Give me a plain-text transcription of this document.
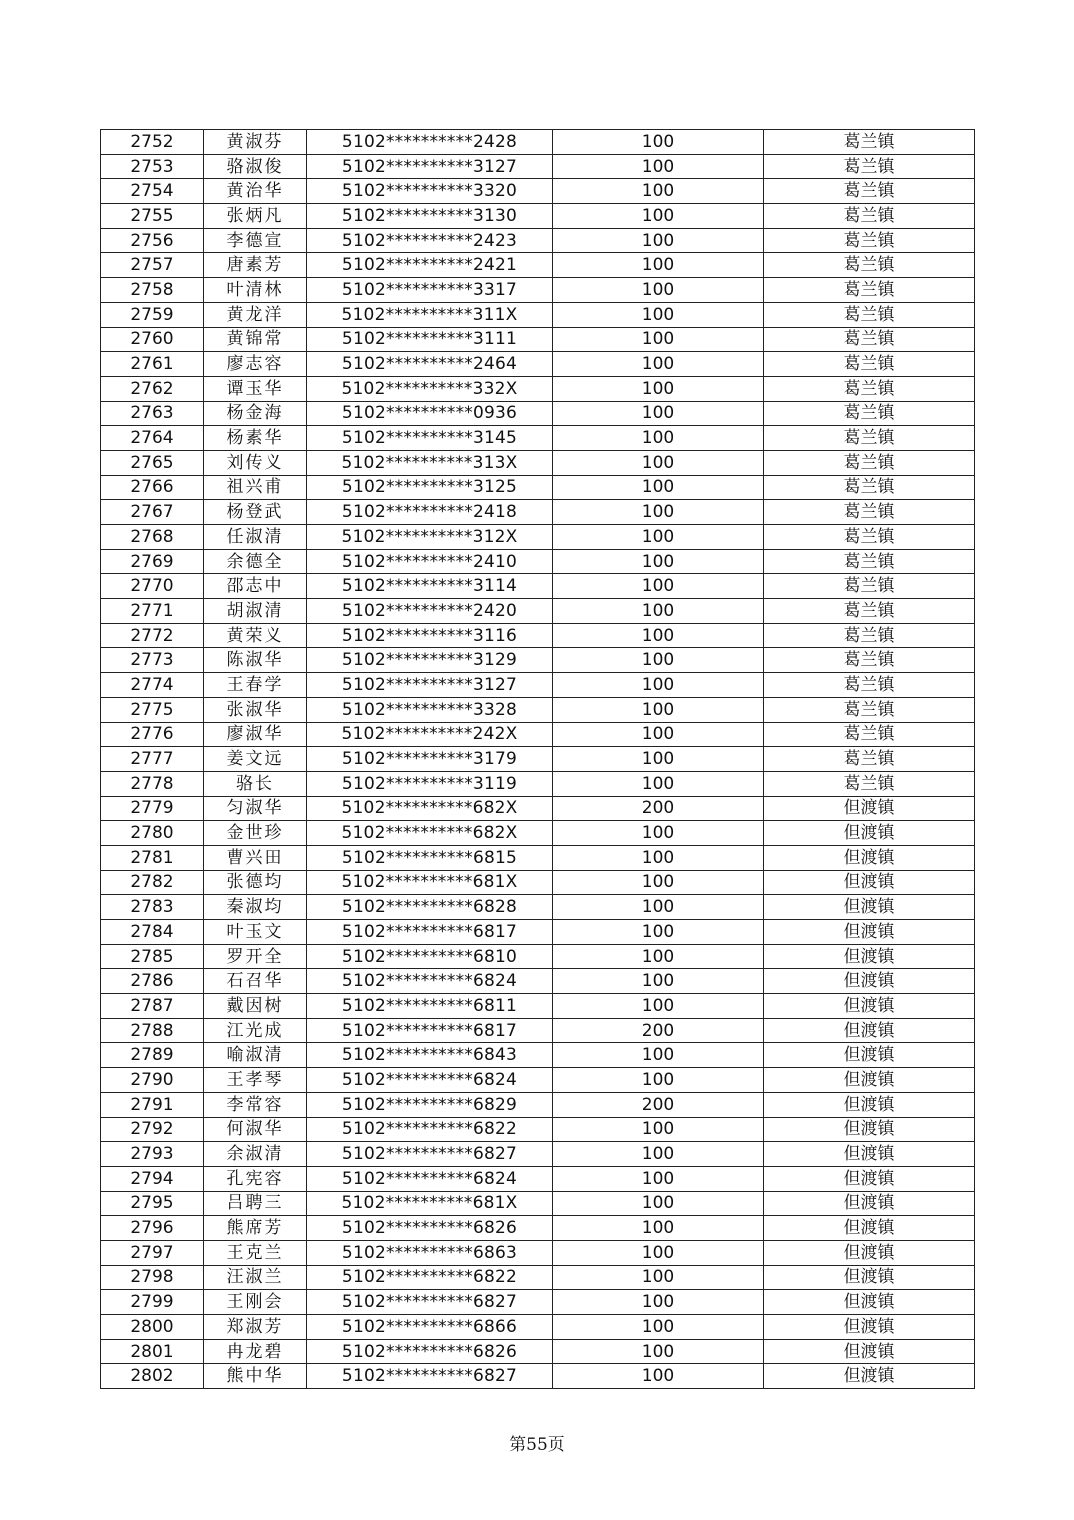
2752	黄淑芬	5102**********2428	100	葛兰镇
2753	骆淑俊	5102**********3127	100	葛兰镇
2754	黄治华	5102**********3320	100	葛兰镇
2755	张炳凡	5102**********3130	100	葛兰镇
2756	李德宣	5102**********2423	100	葛兰镇
2757	唐素芳	5102**********2421	100	葛兰镇
2758	叶清林	5102**********3317	100	葛兰镇
2759	黄龙洋	5102**********311X	100	葛兰镇
2760	黄锦常	5102**********3111	100	葛兰镇
2761	廖志容	5102**********2464	100	葛兰镇
2762	谭玉华	5102**********332X	100	葛兰镇
2763	杨金海	5102**********0936	100	葛兰镇
2764	杨素华	5102**********3145	100	葛兰镇
2765	刘传义	5102**********313X	100	葛兰镇
2766	祖兴甫	5102**********3125	100	葛兰镇
2767	杨登武	5102**********2418	100	葛兰镇
2768	任淑清	5102**********312X	100	葛兰镇
2769	余德全	5102**********2410	100	葛兰镇
2770	邵志中	5102**********3114	100	葛兰镇
2771	胡淑清	5102**********2420	100	葛兰镇
2772	黄荣义	5102**********3116	100	葛兰镇
2773	陈淑华	5102**********3129	100	葛兰镇
2774	王春学	5102**********3127	100	葛兰镇
2775	张淑华	5102**********3328	100	葛兰镇
2776	廖淑华	5102**********242X	100	葛兰镇
2777	姜文远	5102**********3179	100	葛兰镇
2778	骆长	5102**********3119	100	葛兰镇
2779	匀淑华	5102**********682X	200	但渡镇
2780	金世珍	5102**********682X	100	但渡镇
2781	曹兴田	5102**********6815	100	但渡镇
2782	张德均	5102**********681X	100	但渡镇
2783	秦淑均	5102**********6828	100	但渡镇
2784	叶玉文	5102**********6817	100	但渡镇
2785	罗开全	5102**********6810	100	但渡镇
2786	石召华	5102**********6824	100	但渡镇
2787	戴因树	5102**********6811	100	但渡镇
2788	江光成	5102**********6817	200	但渡镇
2789	喻淑清	5102**********6843	100	但渡镇
2790	王孝琴	5102**********6824	100	但渡镇
2791	李常容	5102**********6829	200	但渡镇
2792	何淑华	5102**********6822	100	但渡镇
2793	余淑清	5102**********6827	100	但渡镇
2794	孔宪容	5102**********6824	100	但渡镇
2795	吕聘三	5102**********681X	100	但渡镇
2796	熊席芳	5102**********6826	100	但渡镇
2797	王克兰	5102**********6863	100	但渡镇
2798	汪淑兰	5102**********6822	100	但渡镇
2799	王刚会	5102**********6827	100	但渡镇
2800	郑淑芳	5102**********6866	100	但渡镇
2801	冉龙碧	5102**********6826	100	但渡镇
2802	熊中华	5102**********6827	100	但渡镇
第55页
